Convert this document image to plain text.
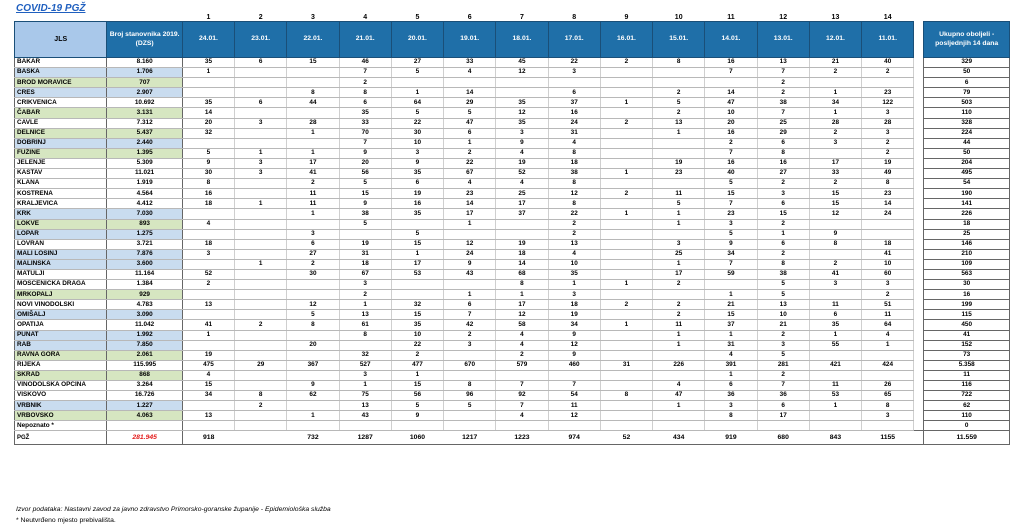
COVID-19 PGŽ
		1	2	3	4	5	6	7	8	9	10	11	12	13	14		
JLS	Broj stanovnika 2019. (DZS)	24.01.	23.01.	22.01.	21.01.	20.01.	19.01.	18.01.	17.01.	16.01.	15.01.	14.01.	13.01.	12.01.	11.01.		Ukupno oboljeli - posljednjih 14 dana
BAKAR	8.160	35	6	15	46	27	33	45	22	2	8	16	13	21	40		329
BAŠKA	1.706	1			7	5	4	12	3			7	7	2	2		50
BROD MORAVICE	707				2								2				6
CRES	2.907			8	8	1	14		6		2	14	2	1	23		79
CRIKVENICA	10.692	35	6	44	6	64	29	35	37	1	5	47	38	34	122		503
ČABAR	3.131	14			35	5	5	12	16		2	10	7	1	3		110
ČAVLE	7.312	20	3	28	33	22	47	35	24	2	13	20	25	28	28		328
DELNICE	5.437	32		1	70	30	6	3	31		1	16	29	2	3		224
DOBRINJ	2.440				7	10	1	9	4			2	6	3	2		44
FUŽINE	1.395	5	1	1	9	3	2	4	8			7	8		2		50
JELENJE	5.309	9	3	17	20	9	22	19	18		19	16	16	17	19		204
KASTAV	11.021	30	3	41	56	35	67	52	38	1	23	40	27	33	49		495
KLANA	1.919	8		2	5	6	4	4	8			5	2	2	8		54
KOSTRENA	4.564	16		11	15	19	23	25	12	2	11	15	3	15	23		190
KRALJEVICA	4.412	18	1	11	9	16	14	17	8		5	7	6	15	14		141
KRK	7.030			1	38	35	17	37	22	1	1	23	15	12	24		226
LOKVE	893	4			5		1		2		1	3	2				18
LOPAR	1.275			3		5			2			5	1	9			25
LOVRAN	3.721	18		6	19	15	12	19	13		3	9	6	8	18		146
MALI LOŠINJ	7.876	3		27	31	1	24	18	4		25	34	2		41		210
MALINSKA	3.600		1	2	18	17	9	14	10		1	7	8	2	10		109
MATULJI	11.164	52		30	67	53	43	68	35		17	59	38	41	60		563
MOŠĆENIČKA DRAGA	1.384	2			3			8	1	1	2		5	3	3		30
MRKOPALJ	929				2		1	1	3			1	5		2		16
NOVI VINODOLSKI	4.783	13		12	1	32	6	17	18	2	2	21	13	11	51		199
OMIŠALJ	3.090			5	13	15	7	12	19		2	15	10	6	11		115
OPATIJA	11.042	41	2	8	61	35	42	58	34	1	11	37	21	35	64		450
PUNAT	1.992	1			8	10	2	4	9		1	1	2	1	4		41
RAB	7.850			20		22	3	4	12		1	31	3	55	1		152
RAVNA GORA	2.061	19			32	2		2	9			4	5				73
RIJEKA	115.995	475	29	367	527	477	670	579	460	31	226	391	281	421	424		5.358
SKRAD	868	4			3	1						1	2				11
VINODOLSKA OPĆINA	3.264	15		9	1	15	8	7	7		4	6	7	11	26		116
VIŠKOVO	16.726	34	8	62	75	56	96	92	54	8	47	36	36	53	65		722
VRBNIK	1.227		2		13	5	5	7	11		1	3	6	1	8		62
VRBOVSKO	4.063	13		1	43	9		4	12			8	17		3		110
Nepoznato *																	0
PGŽ	281.945	918		732	1287	1060	1217	1223	974	52	434	919	680	843	1155		11.559
Izvor podataka: Nastavni zavod za javno zdravstvo Primorsko-goranske županije - Epidemiološka služba
* Neutvrđeno mjesto prebivališta.
